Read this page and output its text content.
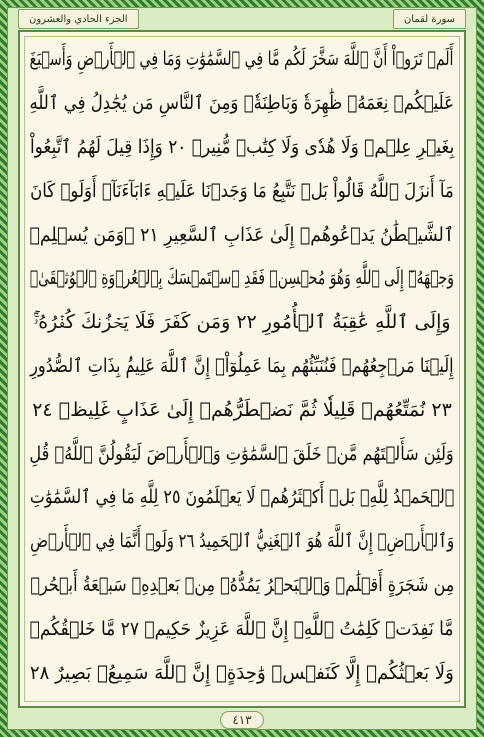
الجزء الحادي والعشرون	سورة لقمان
أَلَمۡ تَرَوۡاْ أَنَّ ٱللَّهَ سَخَّرَ لَكُم مَّا فِي ٱلسَّمَٰوَٰتِ وَمَا فِي ٱلۡأَرۡضِ وَأَسۡبَغَ
عَلَيۡكُمۡ نِعَمَهُۥ ظَٰهِرَةٗ وَبَاطِنَةٗۗ وَمِنَ ٱلنَّاسِ مَن يُجَٰدِلُ فِي ٱللَّهِ
بِغَيۡرِ عِلۡمٖ وَلَا هُدٗى وَلَا كِتَٰبٖ مُّنِيرٖ ٢٠ وَإِذَا قِيلَ لَهُمُ ٱتَّبِعُواْ
مَآ أَنزَلَ ٱللَّهُ قَالُواْ بَلۡ نَتَّبِعُ مَا وَجَدۡنَا عَلَيۡهِ ءَابَآءَنَآۚ أَوَلَوۡ كَانَ
ٱلشَّيۡطَٰنُ يَدۡعُوهُمۡ إِلَىٰ عَذَابِ ٱلسَّعِيرِ ٢١ ۞وَمَن يُسۡلِمۡ
وَجۡهَهُۥٓ إِلَى ٱللَّهِ وَهُوَ مُحۡسِنٞ فَقَدِ ٱسۡتَمۡسَكَ بِٱلۡعُرۡوَةِ ٱلۡوُثۡقَىٰۗ
وَإِلَى ٱللَّهِ عَٰقِبَةُ ٱلۡأُمُورِ ٢٢ وَمَن كَفَرَ فَلَا يَحۡزُنكَ كُفۡرُهُۥٓۚ
إِلَيۡنَا مَرۡجِعُهُمۡ فَنُنَبِّئُهُم بِمَا عَمِلُوٓاْۚ إِنَّ ٱللَّهَ عَلِيمُۢ بِذَاتِ ٱلصُّدُورِ
٢٣ نُمَتِّعُهُمۡ قَلِيلٗا ثُمَّ نَضۡطَرُّهُمۡ إِلَىٰ عَذَابٍ غَلِيظٖ ٢٤
وَلَئِن سَأَلۡتَهُم مَّنۡ خَلَقَ ٱلسَّمَٰوَٰتِ وَٱلۡأَرۡضَ لَيَقُولُنَّ ٱللَّهُۚ قُلِ
ٱلۡحَمۡدُ لِلَّهِۚ بَلۡ أَكۡثَرُهُمۡ لَا يَعۡلَمُونَ ٢٥ لِلَّهِ مَا فِي ٱلسَّمَٰوَٰتِ
وَٱلۡأَرۡضِۚ إِنَّ ٱللَّهَ هُوَ ٱلۡغَنِيُّ ٱلۡحَمِيدُ ٢٦ وَلَوۡ أَنَّمَا فِي ٱلۡأَرۡضِ
مِن شَجَرَةٍ أَقۡلَٰمٞ وَٱلۡبَحۡرُ يَمُدُّهُۥ مِنۢ بَعۡدِهِۦ سَبۡعَةُ أَبۡحُرٖ
مَّا نَفِدَتۡ كَلِمَٰتُ ٱللَّهِۚ إِنَّ ٱللَّهَ عَزِيزٌ حَكِيمٞ ٢٧ مَّا خَلۡقُكُمۡ
وَلَا بَعۡثُكُمۡ إِلَّا كَنَفۡسٖ وَٰحِدَةٍۚ إِنَّ ٱللَّهَ سَمِيعُۢ بَصِيرٌ ٢٨
٤١٣
